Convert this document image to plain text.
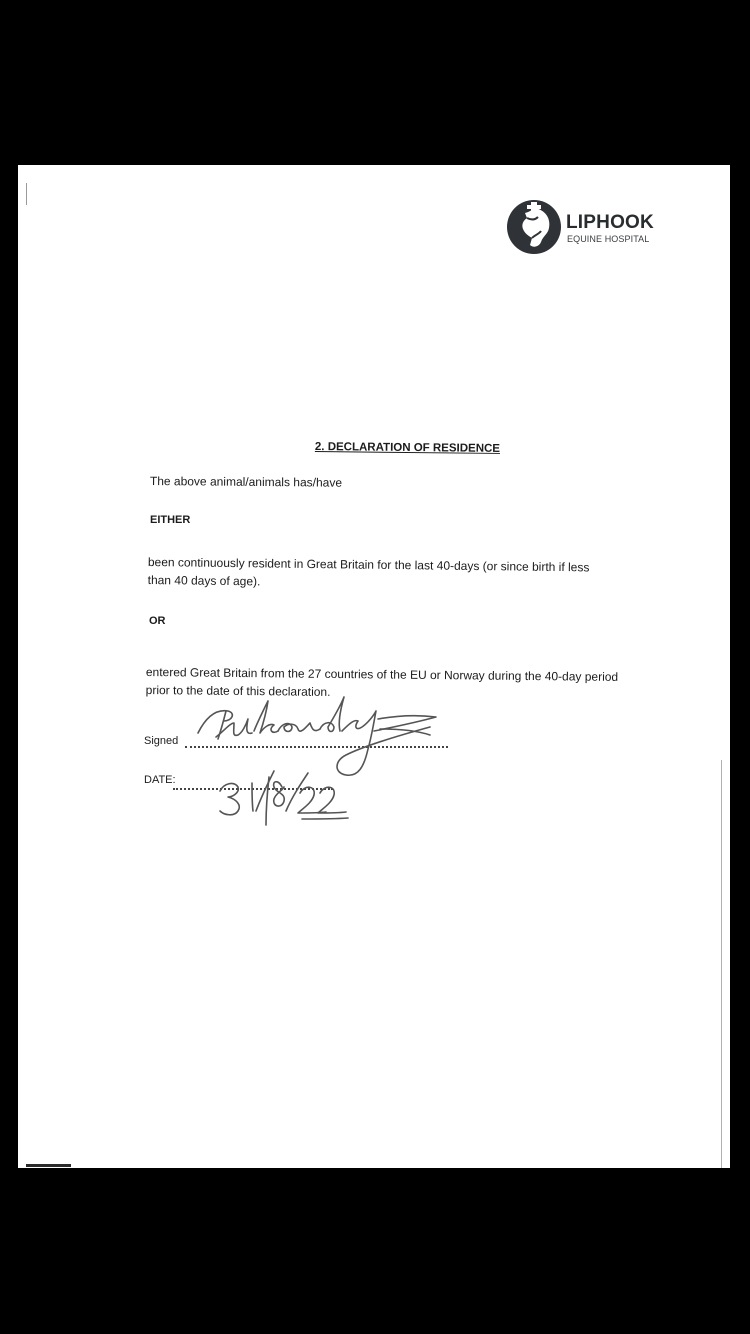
LIPHOOK
EQUINE HOSPITAL
2. DECLARATION OF RESIDENCE
The above animal/animals has/have
EITHER
been continuously resident in Great Britain for the last 40-days (or since birth if less
than 40 days of age).
OR
entered Great Britain from the 27 countries of the EU or Norway during the 40-day period
prior to the date of this declaration.
Signed
DATE:
